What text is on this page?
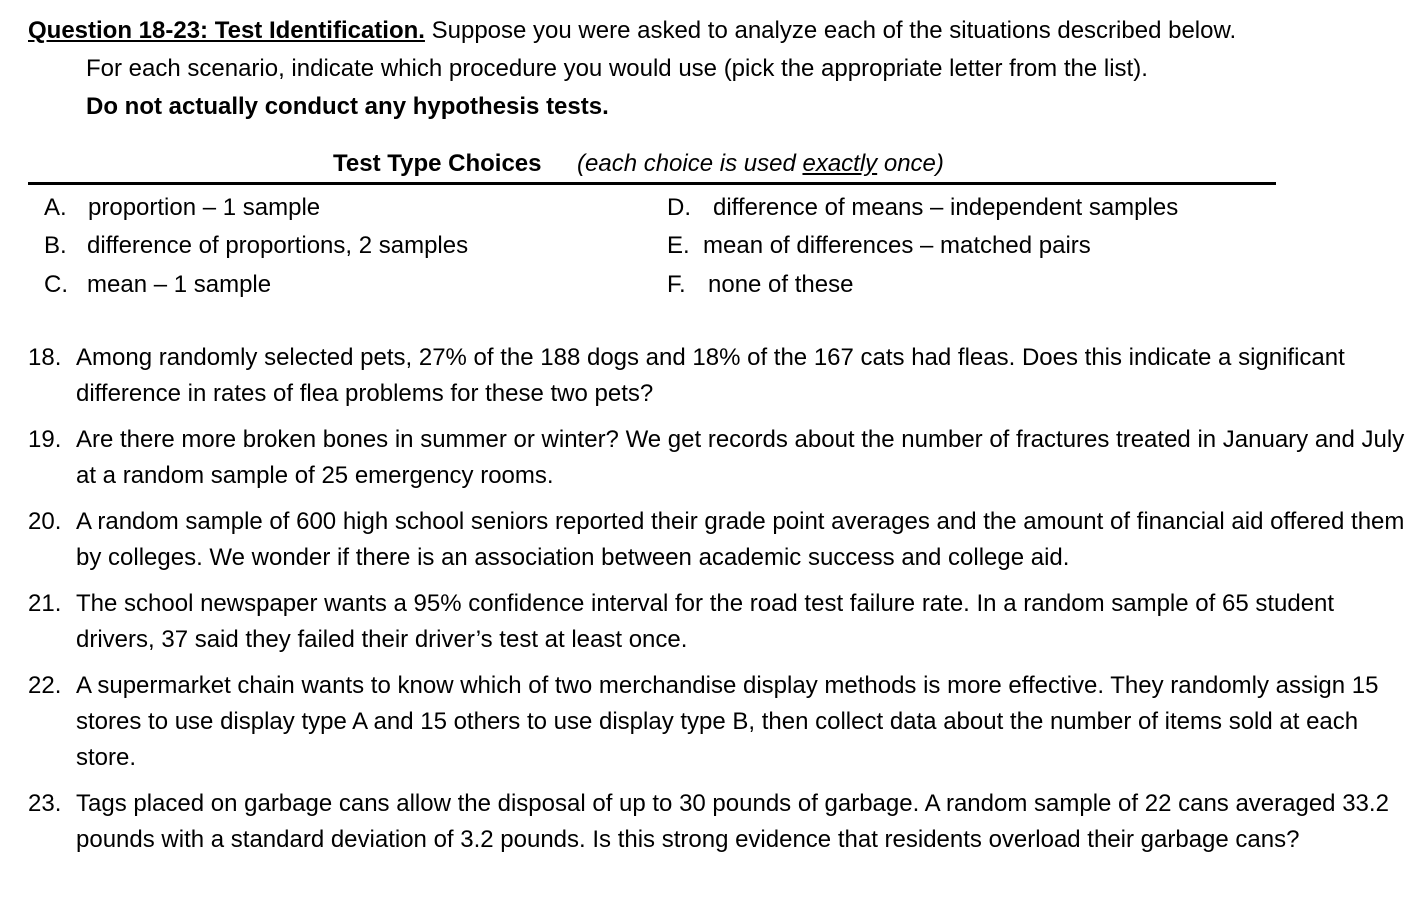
Question 18-23: Test Identification. Suppose you were asked to analyze each of the situations described below.
For each scenario, indicate which procedure you would use (pick the appropriate letter from the list).
Do not actually conduct any hypothesis tests.
Test Type Choices (each choice is used exactly once)
A. proportion – 1 sample
B. difference of proportions, 2 samples
C. mean – 1 sample
D. difference of means – independent samples
E. mean of differences – matched pairs
F. none of these
18. Among randomly selected pets, 27% of the 188 dogs and 18% of the 167 cats had fleas. Does this indicate a significant difference in rates of flea problems for these two pets?
19. Are there more broken bones in summer or winter? We get records about the number of fractures treated in January and July at a random sample of 25 emergency rooms.
20. A random sample of 600 high school seniors reported their grade point averages and the amount of financial aid offered them by colleges. We wonder if there is an association between academic success and college aid.
21. The school newspaper wants a 95% confidence interval for the road test failure rate. In a random sample of 65 student drivers, 37 said they failed their driver’s test at least once.
22. A supermarket chain wants to know which of two merchandise display methods is more effective. They randomly assign 15 stores to use display type A and 15 others to use display type B, then collect data about the number of items sold at each store.
23. Tags placed on garbage cans allow the disposal of up to 30 pounds of garbage. A random sample of 22 cans averaged 33.2 pounds with a standard deviation of 3.2 pounds. Is this strong evidence that residents overload their garbage cans?
